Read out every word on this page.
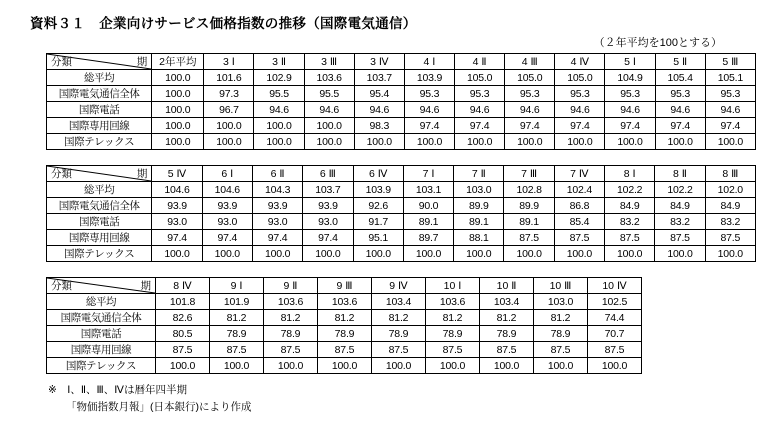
資料３１ 企業向けサービス価格指数の推移（国際電気通信）
（２年平均を100とする）
分類 期	2年平均	3 Ⅰ	3 Ⅱ	3 Ⅲ	3 Ⅳ	4 Ⅰ	4 Ⅱ	4 Ⅲ	4 Ⅳ	5 Ⅰ	5 Ⅱ	5 Ⅲ
総平均	100.0	101.6	102.9	103.6	103.7	103.9	105.0	105.0	105.0	104.9	105.4	105.1
国際電気通信全体	100.0	97.3	95.5	95.5	95.4	95.3	95.3	95.3	95.3	95.3	95.3	95.3
国際電話	100.0	96.7	94.6	94.6	94.6	94.6	94.6	94.6	94.6	94.6	94.6	94.6
国際専用回線	100.0	100.0	100.0	100.0	98.3	97.4	97.4	97.4	97.4	97.4	97.4	97.4
国際テレックス	100.0	100.0	100.0	100.0	100.0	100.0	100.0	100.0	100.0	100.0	100.0	100.0
分類 期	5 Ⅳ	6 Ⅰ	6 Ⅱ	6 Ⅲ	6 Ⅳ	7 Ⅰ	7 Ⅱ	7 Ⅲ	7 Ⅳ	8 Ⅰ	8 Ⅱ	8 Ⅲ
総平均	104.6	104.6	104.3	103.7	103.9	103.1	103.0	102.8	102.4	102.2	102.2	102.0
国際電気通信全体	93.9	93.9	93.9	93.9	92.6	90.0	89.9	89.9	86.8	84.9	84.9	84.9
国際電話	93.0	93.0	93.0	93.0	91.7	89.1	89.1	89.1	85.4	83.2	83.2	83.2
国際専用回線	97.4	97.4	97.4	97.4	95.1	89.7	88.1	87.5	87.5	87.5	87.5	87.5
国際テレックス	100.0	100.0	100.0	100.0	100.0	100.0	100.0	100.0	100.0	100.0	100.0	100.0
分類 期	8 Ⅳ	9 Ⅰ	9 Ⅱ	9 Ⅲ	9 Ⅳ	10 Ⅰ	10 Ⅱ	10 Ⅲ	10 Ⅳ
総平均	101.8	101.9	103.6	103.6	103.4	103.6	103.4	103.0	102.5
国際電気通信全体	82.6	81.2	81.2	81.2	81.2	81.2	81.2	81.2	74.4
国際電話	80.5	78.9	78.9	78.9	78.9	78.9	78.9	78.9	70.7
国際専用回線	87.5	87.5	87.5	87.5	87.5	87.5	87.5	87.5	87.5
国際テレックス	100.0	100.0	100.0	100.0	100.0	100.0	100.0	100.0	100.0
※　Ⅰ、Ⅱ、Ⅲ、Ⅳは暦年四半期
「物価指数月報」(日本銀行)により作成
